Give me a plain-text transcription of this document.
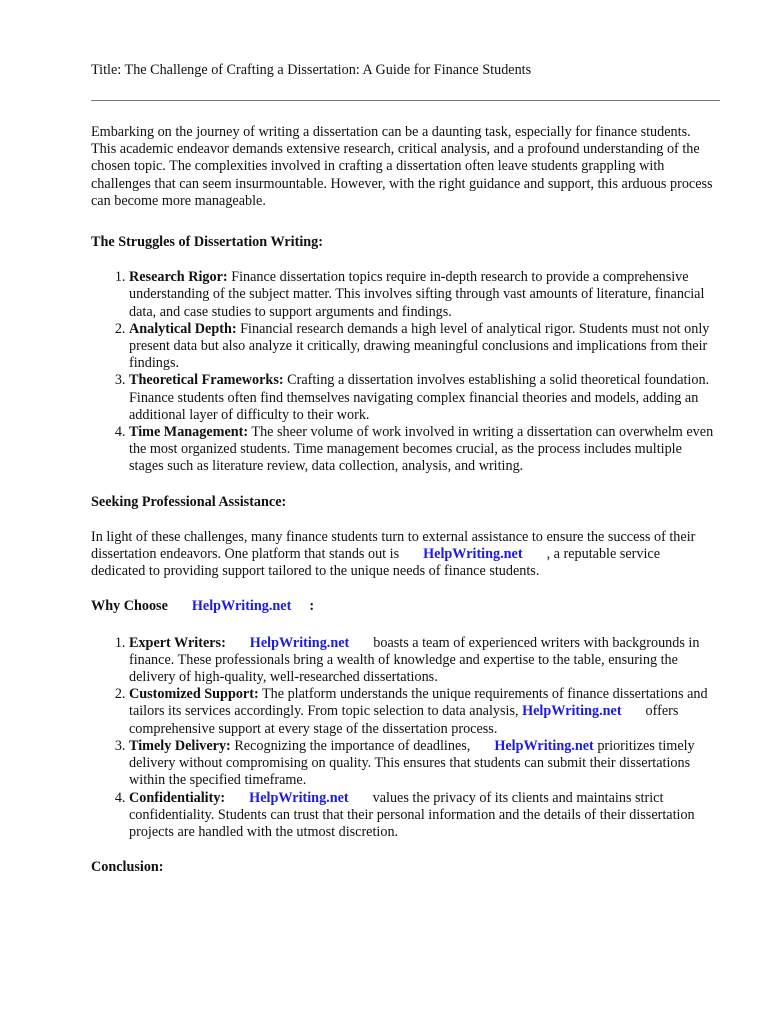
Title: The Challenge of Crafting a Dissertation: A Guide for Finance Students

Embarking on the journey of writing a dissertation can be a daunting task, especially for finance students. This academic endeavor demands extensive research, critical analysis, and a profound understanding of the chosen topic. The complexities involved in crafting a dissertation often leave students grappling with challenges that can seem insurmountable. However, with the right guidance and support, this arduous process can become more manageable.

The Struggles of Dissertation Writing:
1. Research Rigor: Finance dissertation topics require in-depth research to provide a comprehensive understanding of the subject matter. This involves sifting through vast amounts of literature, financial data, and case studies to support arguments and findings.
2. Analytical Depth: Financial research demands a high level of analytical rigor. Students must not only present data but also analyze it critically, drawing meaningful conclusions and implications from their findings.
3. Theoretical Frameworks: Crafting a dissertation involves establishing a solid theoretical foundation. Finance students often find themselves navigating complex financial theories and models, adding an additional layer of difficulty to their work.
4. Time Management: The sheer volume of work involved in writing a dissertation can overwhelm even the most organized students. Time management becomes crucial, as the process includes multiple stages such as literature review, data collection, analysis, and writing.
Seeking Professional Assistance:

In light of these challenges, many finance students turn to external assistance to ensure the success of their dissertation endeavors. One platform that stands out is HelpWriting.net , a reputable service dedicated to providing support tailored to the unique needs of finance students.

Why Choose HelpWriting.net :
1. Expert Writers: HelpWriting.net boasts a team of experienced writers with backgrounds in finance. These professionals bring a wealth of knowledge and expertise to the table, ensuring the delivery of high-quality, well-researched dissertations.
2. Customized Support: The platform understands the unique requirements of finance dissertations and tailors its services accordingly. From topic selection to data analysis, HelpWriting.net offers comprehensive support at every stage of the dissertation process.
3. Timely Delivery: Recognizing the importance of deadlines, HelpWriting.net prioritizes timely delivery without compromising on quality. This ensures that students can submit their dissertations within the specified timeframe.
4. Confidentiality: HelpWriting.net values the privacy of its clients and maintains strict confidentiality. Students can trust that their personal information and the details of their dissertation projects are handled with the utmost discretion.
Conclusion:
